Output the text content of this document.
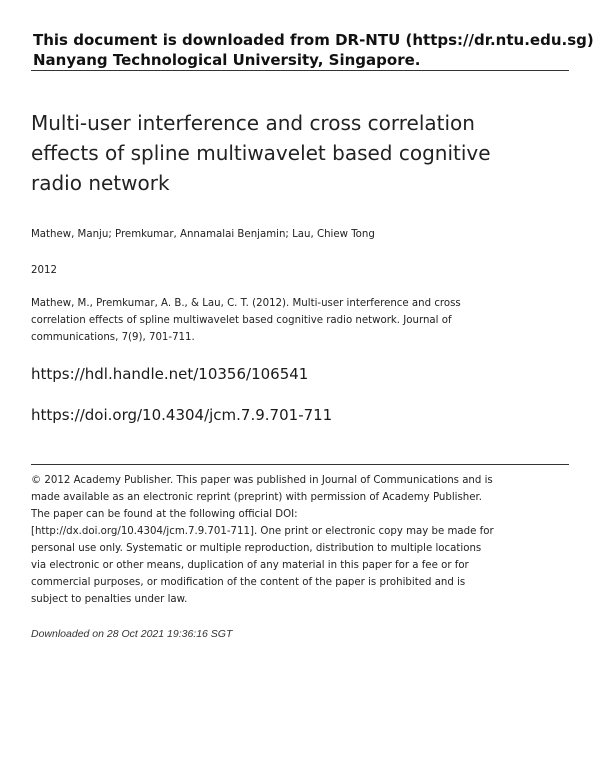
This document is downloaded from DR-NTU (https://dr.ntu.edu.sg)
Nanyang Technological University, Singapore.
Multi-user interference and cross correlation
effects of spline multiwavelet based cognitive
radio network
Mathew, Manju; Premkumar, Annamalai Benjamin; Lau, Chiew Tong
2012
Mathew, M., Premkumar, A. B., & Lau, C. T. (2012). Multi-user interference and cross
correlation effects of spline multiwavelet based cognitive radio network. Journal of
communications, 7(9), 701-711.
https://hdl.handle.net/10356/106541
https://doi.org/10.4304/jcm.7.9.701-711
© 2012 Academy Publisher. This paper was published in Journal of Communications and is
made available as an electronic reprint (preprint) with permission of Academy Publisher.
The paper can be found at the following official DOI:
[http://dx.doi.org/10.4304/jcm.7.9.701-711]. One print or electronic copy may be made for
personal use only. Systematic or multiple reproduction, distribution to multiple locations
via electronic or other means, duplication of any material in this paper for a fee or for
commercial purposes, or modification of the content of the paper is prohibited and is
subject to penalties under law.
Downloaded on 28 Oct 2021 19:36:16 SGT
